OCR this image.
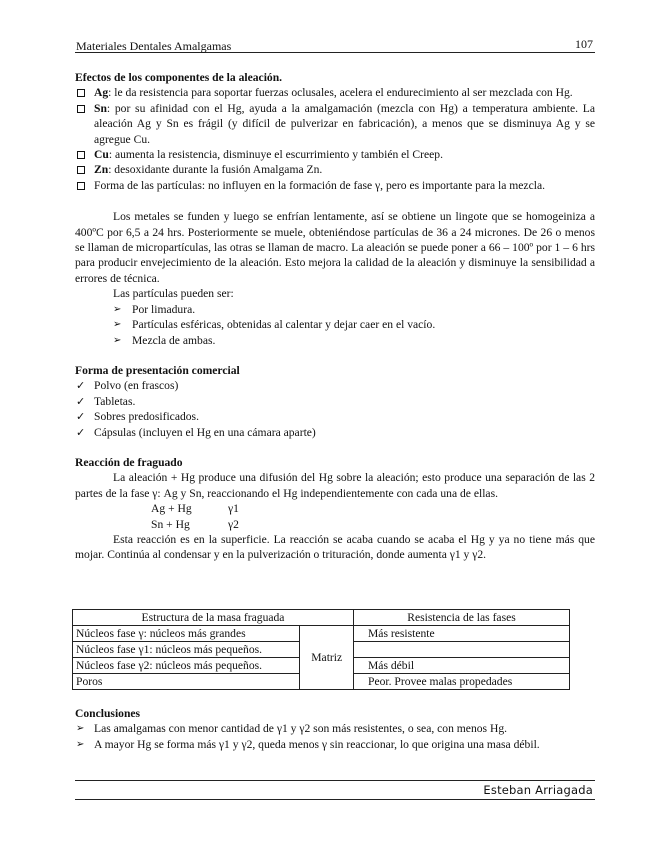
Materiales Dentales Amalgamas	107

Efectos de los componentes de la aleación.

Ag: le da resistencia para soportar fuerzas oclusales, acelera el endurecimiento al ser mezclada con Hg.

Sn: por su afinidad con el Hg, ayuda a la amalgamación (mezcla con Hg) a temperatura ambiente. La aleación Ag y Sn es frágil (y difícil de pulverizar en fabricación), a menos que se disminuya Ag y se agregue Cu.

Cu: aumenta la resistencia, disminuye el escurrimiento y también el Creep.

Zn: desoxidante durante la fusión Amalgama Zn.

Forma de las partículas: no influyen en la formación de fase γ, pero es importante para la mezcla.

Los metales se funden y luego se enfrían lentamente, así se obtiene un lingote que se homogeiniza a 400ºC por 6,5 a 24 hrs. Posteriormente se muele, obteniéndose partículas de 36 a 24 micrones. De 26 o menos se llaman de micropartículas, las otras se llaman de macro. La aleación se puede poner a 66 – 100º por 1 – 6 hrs para producir envejecimiento de la aleación. Esto mejora la calidad de la aleación y disminuye la sensibilidad a errores de técnica.

Las partículas pueden ser:

➢ Por limadura.

➢ Partículas esféricas, obtenidas al calentar y dejar caer en el vacío.

➢ Mezcla de ambas.

Forma de presentación comercial

✓ Polvo (en frascos)

✓ Tabletas.

✓ Sobres predosificados.

✓ Cápsulas (incluyen el Hg en una cámara aparte)

Reacción de fraguado

La aleación + Hg produce una difusión del Hg sobre la aleación; esto produce una separación de las 2 partes de la fase γ: Ag y Sn, reaccionando el Hg independientemente con cada una de ellas.

Ag + Hg	γ1
Sn + Hg	γ2

Esta reacción es en la superficie. La reacción se acaba cuando se acaba el Hg y ya no tiene más que mojar. Continúa al condensar y en la pulverización o trituración, donde aumenta γ1 y γ2.

Estructura de la masa fraguada		Resistencia de las fases
Núcleos fase γ: núcleos más grandes	Matriz	Más resistente
Núcleos fase γ1: núcleos más pequeños.		
Núcleos fase γ2: núcleos más pequeños.		Más débil
Poros		Peor. Provee malas propedades

Conclusiones

➢ Las amalgamas con menor cantidad de γ1 y γ2 son más resistentes, o sea, con menos Hg.

➢ A mayor Hg se forma más γ1 y γ2, queda menos γ sin reaccionar, lo que origina una masa débil.

Esteban Arriagada
